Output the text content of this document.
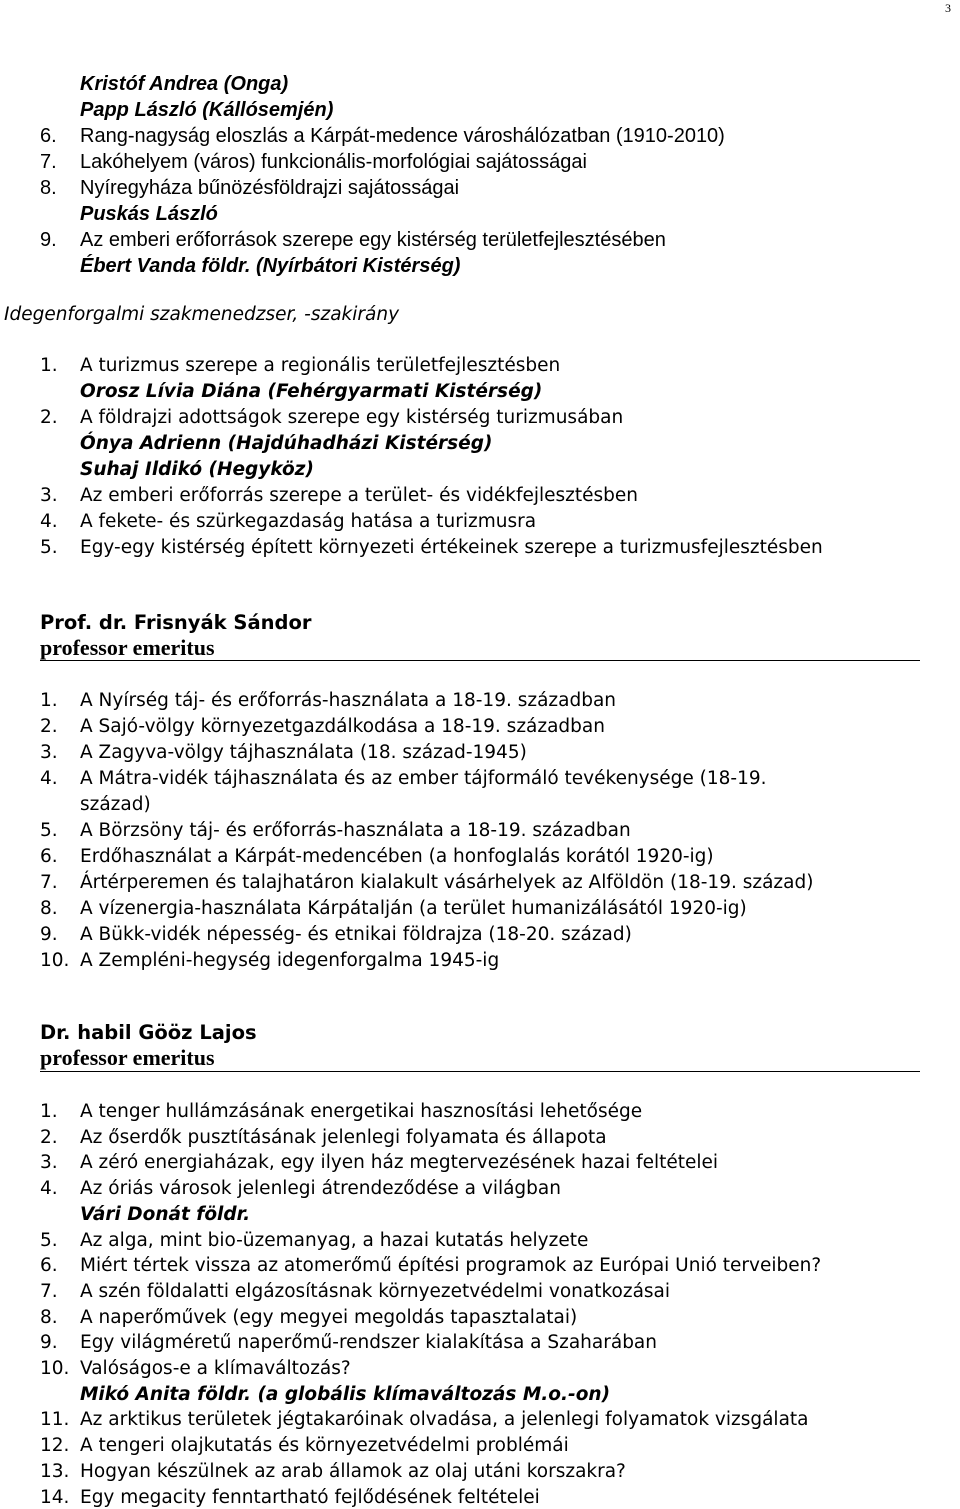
3
Kristóf Andrea (Onga)
Papp László (Kállósemjén)
6. Rang-nagyság eloszlás a Kárpát-medence városhálózatban (1910-2010)
7. Lakóhelyem (város) funkcionális-morfológiai sajátosságai
8. Nyíregyháza bűnözésföldrajzi sajátosságai
Puskás László
9. Az emberi erőforrások szerepe egy kistérség területfejlesztésében
Ébert Vanda földr. (Nyírbátori Kistérség)
Idegenforgalmi szakmenedzser, -szakirány
1. A turizmus szerepe a regionális területfejlesztésben
Orosz Lívia Diána (Fehérgyarmati Kistérség)
2. A földrajzi adottságok szerepe egy kistérség turizmusában
Ónya Adrienn (Hajdúhadházi Kistérség)
Suhaj Ildikó (Hegyköz)
3. Az emberi erőforrás szerepe a terület- és vidékfejlesztésben
4. A fekete- és szürkegazdaság hatása a turizmusra
5. Egy-egy kistérség épített környezeti értékeinek szerepe a turizmusfejlesztésben
Prof. dr. Frisnyák Sándor
professor emeritus
1. A Nyírség táj- és erőforrás-használata a 18-19. században
2. A Sajó-völgy környezetgazdálkodása a 18-19. században
3. A Zagyva-völgy tájhasználata (18. század-1945)
4. A Mátra-vidék tájhasználata és az ember tájformáló tevékenysége (18-19.
század)
5. A Börzsöny táj- és erőforrás-használata a 18-19. században
6. Erdőhasználat a Kárpát-medencében (a honfoglalás korától 1920-ig)
7. Ártérperemen és talajhatáron kialakult vásárhelyek az Alföldön (18-19. század)
8. A vízenergia-használata Kárpátalján (a terület humanizálásától 1920-ig)
9. A Bükk-vidék népesség- és etnikai földrajza (18-20. század)
10. A Zempléni-hegység idegenforgalma 1945-ig
Dr. habil Gööz Lajos
professor emeritus
1. A tenger hullámzásának energetikai hasznosítási lehetősége
2. Az őserdők pusztításának jelenlegi folyamata és állapota
3. A zéró energiaházak, egy ilyen ház megtervezésének hazai feltételei
4. Az óriás városok jelenlegi átrendeződése a világban
Vári Donát földr.
5. Az alga, mint bio-üzemanyag, a hazai kutatás helyzete
6. Miért tértek vissza az atomerőmű építési programok az Európai Unió terveiben?
7. A szén földalatti elgázosításnak környezetvédelmi vonatkozásai
8. A naperőművek (egy megyei megoldás tapasztalatai)
9. Egy világméretű naperőmű-rendszer kialakítása a Szaharában
10. Valóságos-e a klímaváltozás?
Mikó Anita földr. (a globális klímaváltozás M.o.-on)
11. Az arktikus területek jégtakaróinak olvadása, a jelenlegi folyamatok vizsgálata
12. A tengeri olajkutatás és környezetvédelmi problémái
13. Hogyan készülnek az arab államok az olaj utáni korszakra?
14. Egy megacity fenntartható fejlődésének feltételei
